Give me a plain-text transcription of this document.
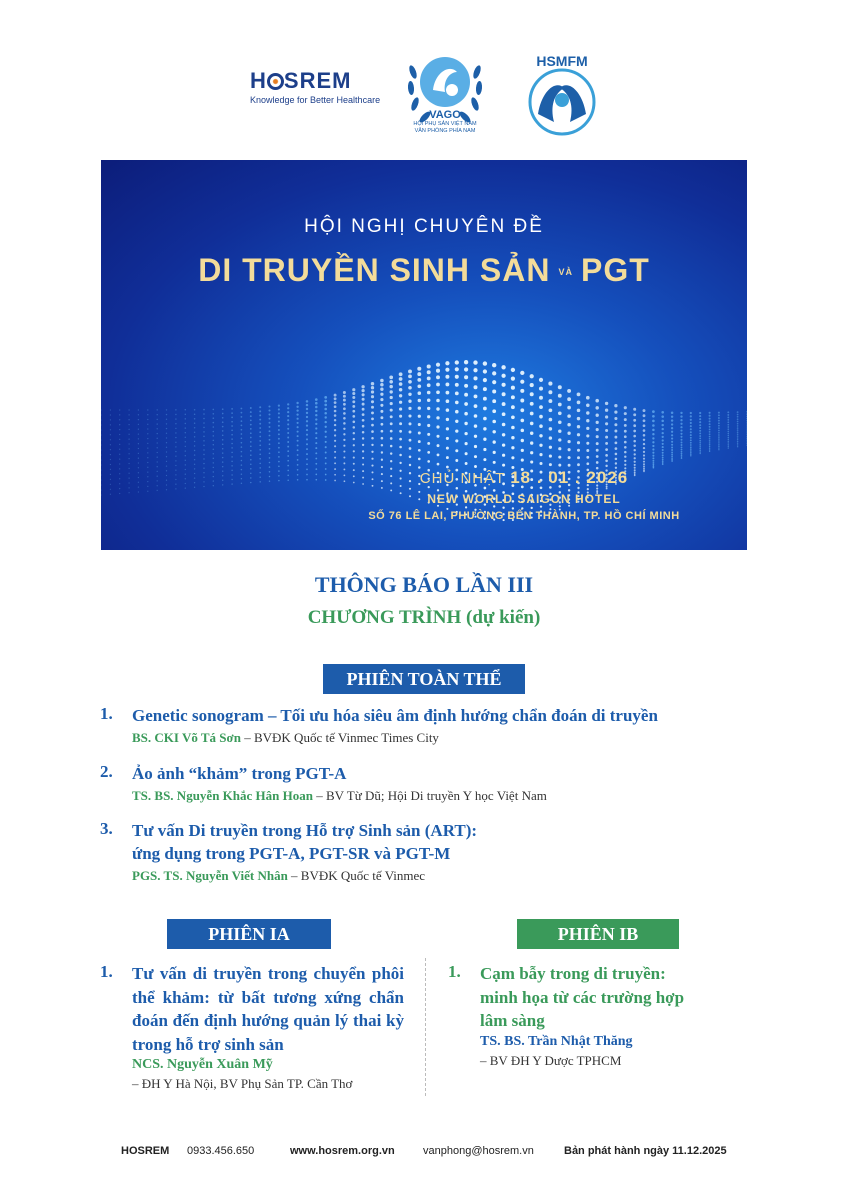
H SREM
Knowledge for Better Healthcare
VAGO
HỘI PHỤ SẢN VIỆT NAM
VĂN PHÒNG PHÍA NAM
HSMFM
HỘI NGHỊ CHUYÊN ĐỀ
DI TRUYỀN SINH SẢN VÀ PGT
CHỦ NHẬT 18 . 01 . 2026
NEW WORLD SAIGON HOTEL
SỐ 76 LÊ LAI, PHƯỜNG BẾN THÀNH, TP. HỒ CHÍ MINH
THÔNG BÁO LẦN III
CHƯƠNG TRÌNH (dự kiến)
PHIÊN TOÀN THỂ
1. Genetic sonogram – Tối ưu hóa siêu âm định hướng chẩn đoán di truyền
BS. CKI Võ Tá Sơn – BVĐK Quốc tế Vinmec Times City
2. Ảo ảnh “khảm” trong PGT-A
TS. BS. Nguyễn Khắc Hân Hoan – BV Từ Dũ; Hội Di truyền Y học Việt Nam
3. Tư vấn Di truyền trong Hỗ trợ Sinh sản (ART):
ứng dụng trong PGT-A, PGT-SR và PGT-M
PGS. TS. Nguyễn Viết Nhân – BVĐK Quốc tế Vinmec
PHIÊN IA	PHIÊN IB
1. Tư vấn di truyền trong chuyển phôi thể khảm: từ bất tương xứng chẩn đoán đến định hướng quản lý thai kỳ trong hỗ trợ sinh sản
NCS. Nguyễn Xuân Mỹ
– ĐH Y Hà Nội, BV Phụ Sản TP. Cần Thơ
1. Cạm bẫy trong di truyền:
minh họa từ các trường hợp
lâm sàng
TS. BS. Trần Nhật Thăng
– BV ĐH Y Dược TPHCM
HOSREM 0933.456.650	www.hosrem.org.vn	vanphong@hosrem.vn	Bản phát hành ngày 11.12.2025
